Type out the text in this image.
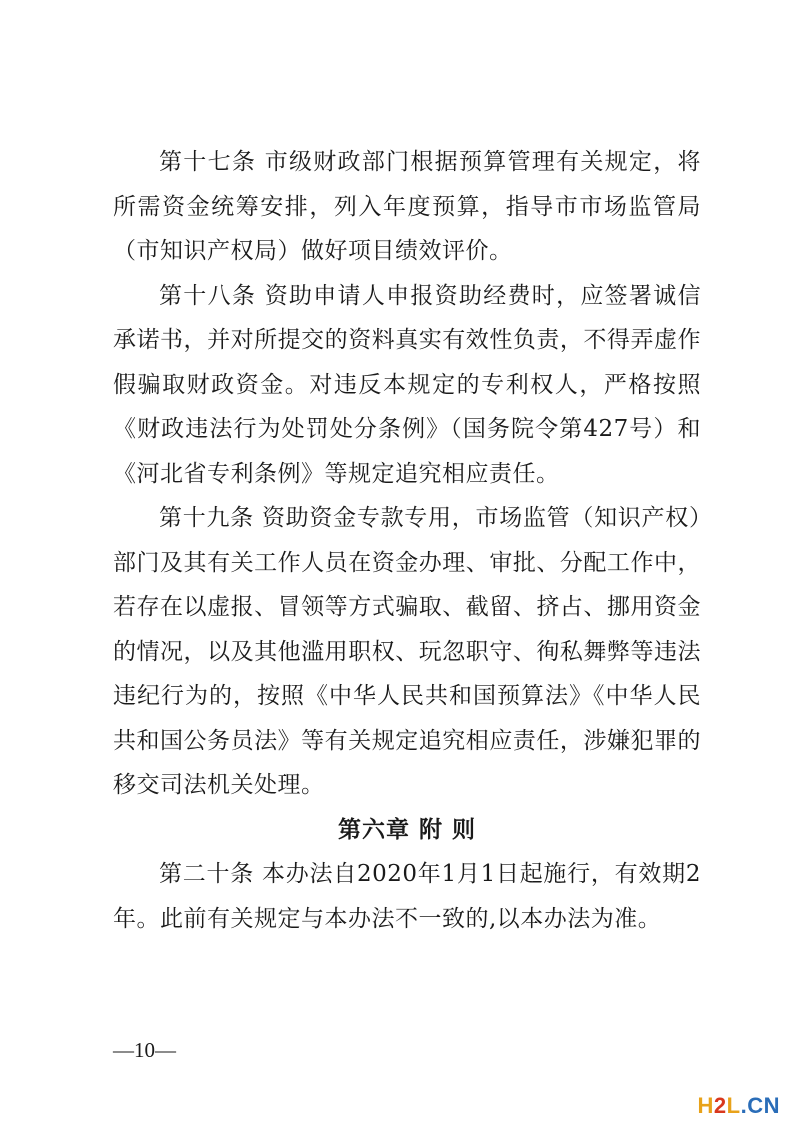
第十七条 市级财政部门根据预算管理有关规定，将所需资金统筹安排，列入年度预算，指导市市场监管局（市知识产权局）做好项目绩效评价。

第十八条 资助申请人申报资助经费时，应签署诚信承诺书，并对所提交的资料真实有效性负责，不得弄虚作假骗取财政资金。对违反本规定的专利权人，严格按照《财政违法行为处罚处分条例》（国务院令第427号）和《河北省专利条例》等规定追究相应责任。

第十九条 资助资金专款专用，市场监管（知识产权）部门及其有关工作人员在资金办理、审批、分配工作中，若存在以虚报、冒领等方式骗取、截留、挤占、挪用资金的情况，以及其他滥用职权、玩忽职守、徇私舞弊等违法违纪行为的，按照《中华人民共和国预算法》《中华人民共和国公务员法》等有关规定追究相应责任，涉嫌犯罪的移交司法机关处理。

第六章 附 则

第二十条 本办法自2020年1月1日起施行，有效期2年。此前有关规定与本办法不一致的,以本办法为准。

—10—
H2L.CN
